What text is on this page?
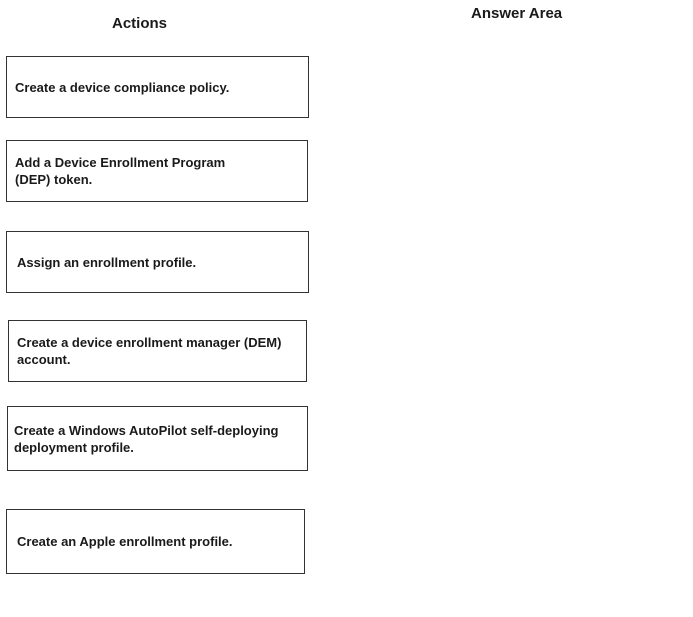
Actions
Answer Area
Create a device compliance policy.
Add a Device Enrollment Program (DEP) token.
Assign an enrollment profile.
Create a device enrollment manager (DEM) account.
Create a Windows AutoPilot self-deploying deployment profile.
Create an Apple enrollment profile.
